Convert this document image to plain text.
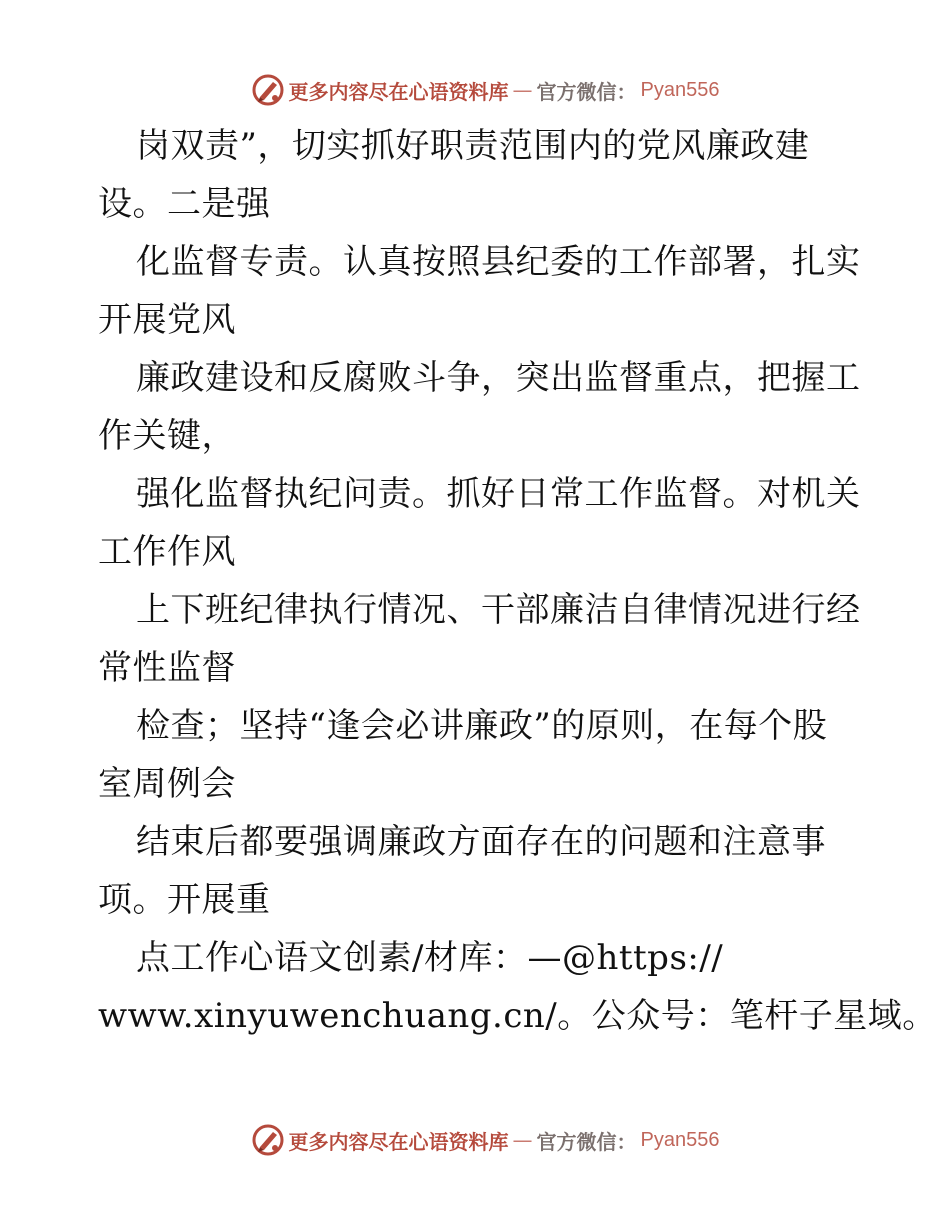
更多内容尽在心语资料库 — 官方微信： Pyan556
岗双责”，切实抓好职责范围内的党风廉政建
设。二是强
化监督专责。认真按照县纪委的工作部署，扎实
开展党风
廉政建设和反腐败斗争，突出监督重点，把握工
作关键，
强化监督执纪问责。抓好日常工作监督。对机关
工作作风
上下班纪律执行情况、干部廉洁自律情况进行经
常性监督
检查；坚持“逢会必讲廉政”的原则，在每个股
室周例会
结束后都要强调廉政方面存在的问题和注意事
项。开展重
点工作心语文创素/材库：—@https://
www.xinyuwenchuang.cn/。公众号：笔杆子星域。
更多内容尽在心语资料库 — 官方微信： Pyan556
